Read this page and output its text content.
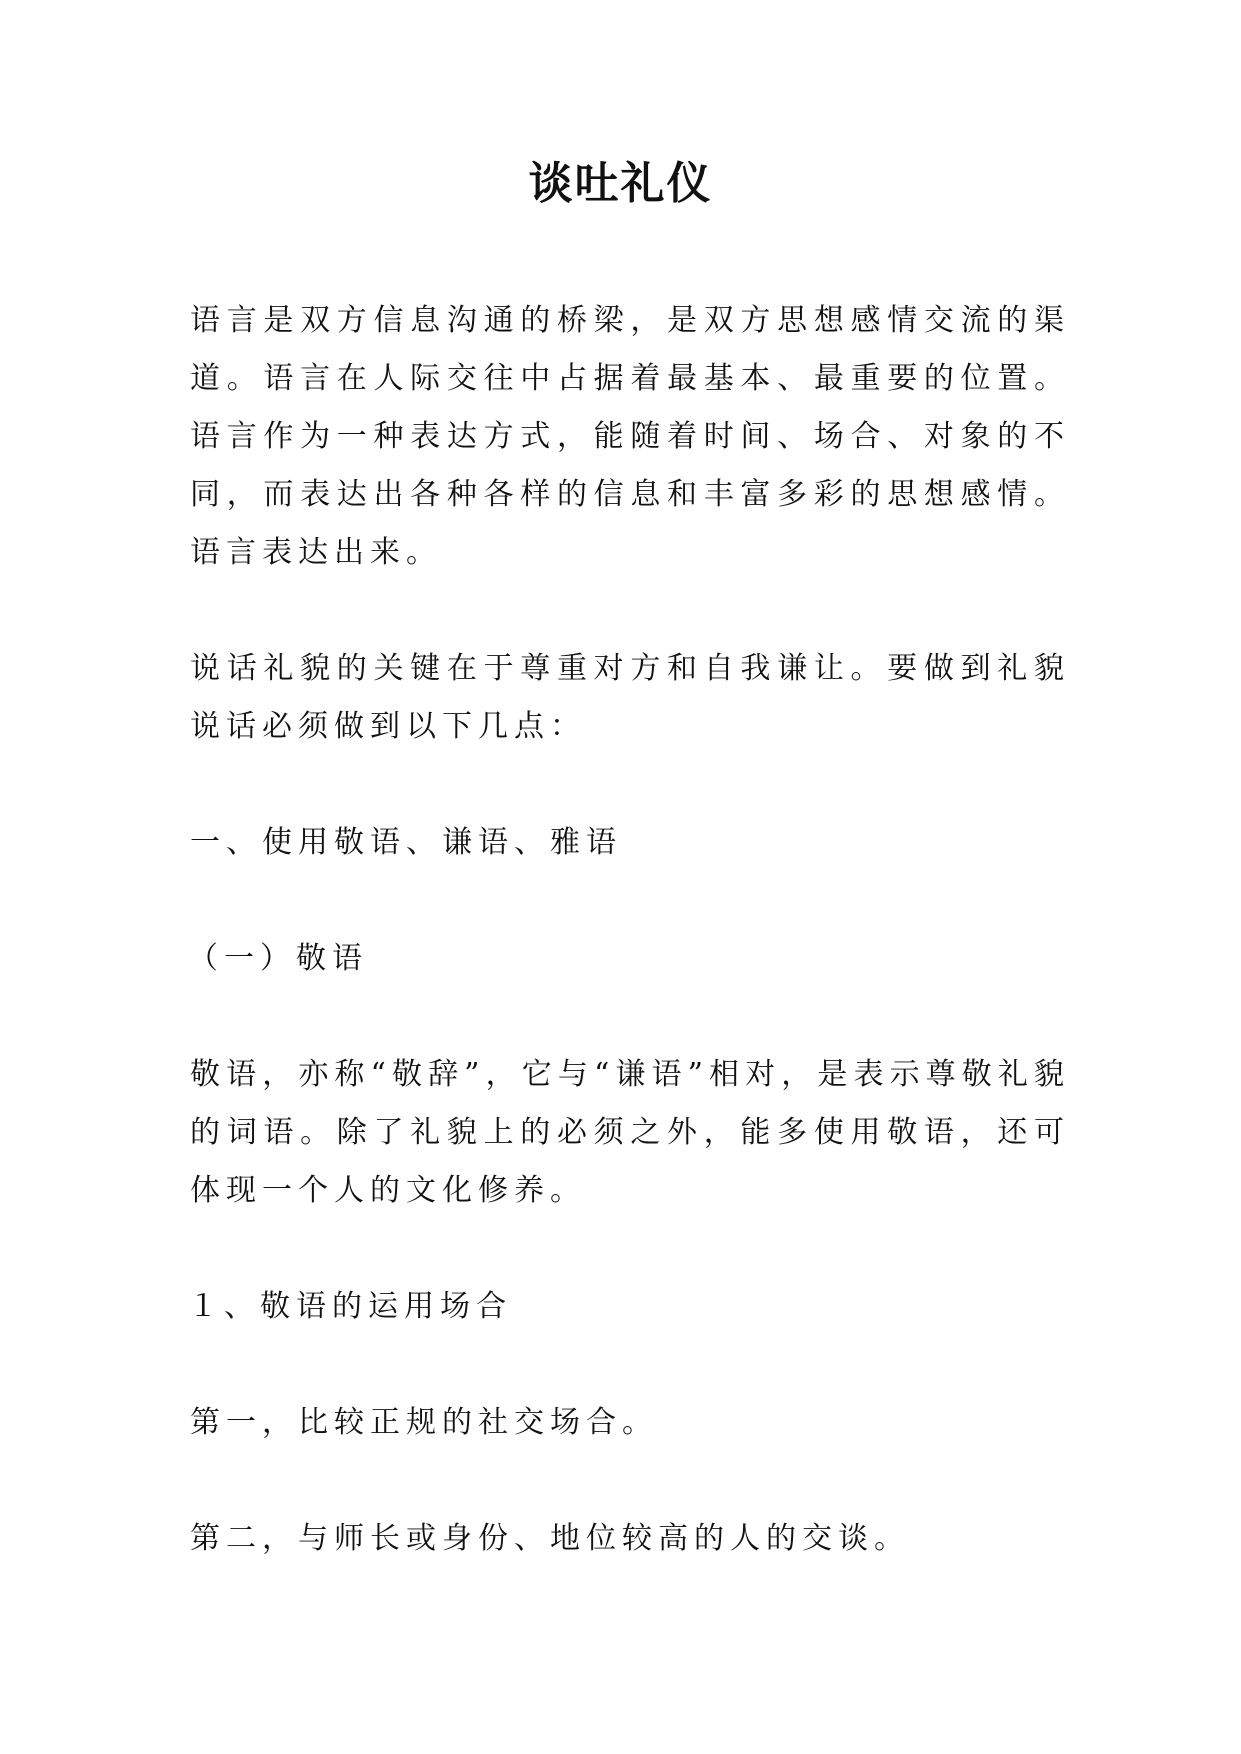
谈吐礼仪

语言是双方信息沟通的桥梁，是双方思想感情交流的渠道。语言在人际交往中占据着最基本、最重要的位置。语言作为一种表达方式，能随着时间、场合、对象的不同，而表达出各种各样的信息和丰富多彩的思想感情。语言表达出来。

说话礼貌的关键在于尊重对方和自我谦让。要做到礼貌说话必须做到以下几点：

一、使用敬语、谦语、雅语

（一）敬语

敬语，亦称“敬辞”，它与“谦语”相对，是表示尊敬礼貌的词语。除了礼貌上的必须之外，能多使用敬语，还可体现一个人的文化修养。

１、敬语的运用场合

第一，比较正规的社交场合。

第二，与师长或身份、地位较高的人的交谈。
